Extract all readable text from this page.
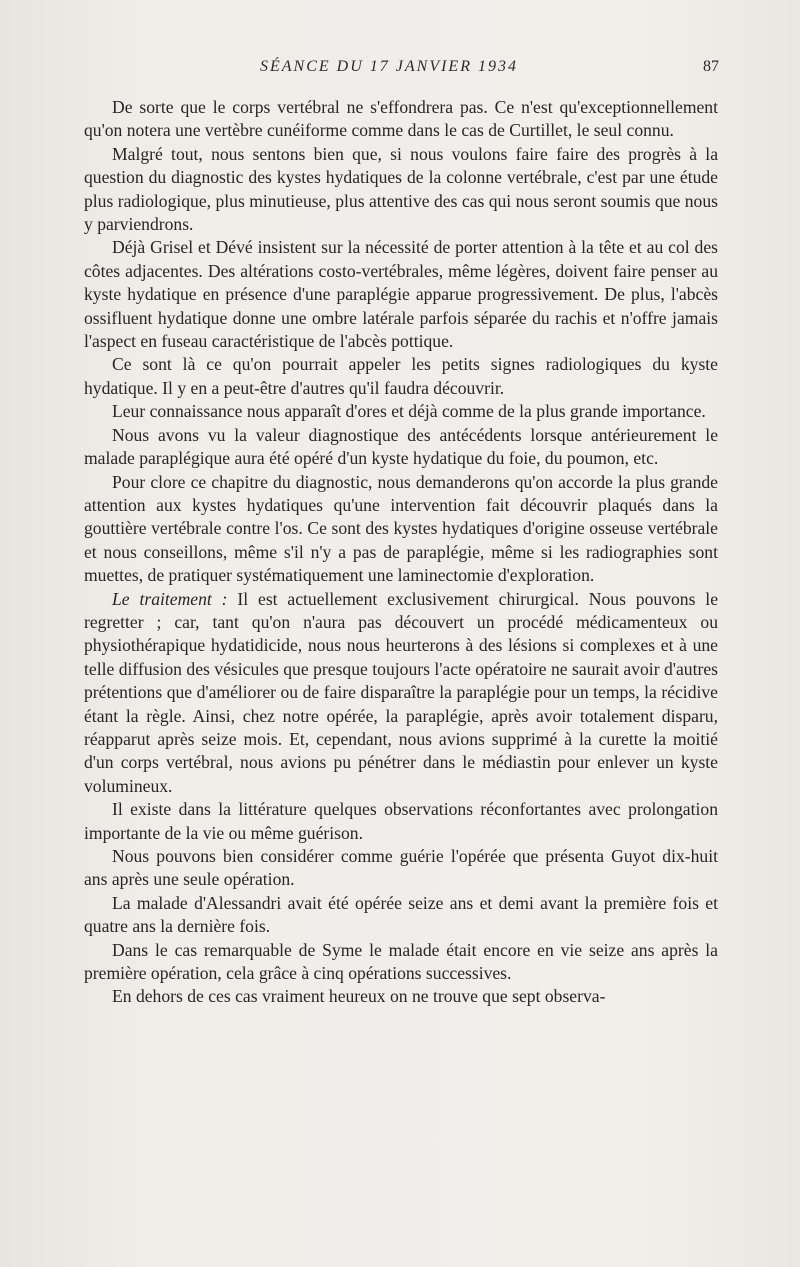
SÉANCE DU 17 JANVIER 1934	87

De sorte que le corps vertébral ne s'effondrera pas. Ce n'est qu'exceptionnellement qu'on notera une vertèbre cunéiforme comme dans le cas de Curtillet, le seul connu.

Malgré tout, nous sentons bien que, si nous voulons faire faire des progrès à la question du diagnostic des kystes hydatiques de la colonne vertébrale, c'est par une étude plus radiologique, plus minutieuse, plus attentive des cas qui nous seront soumis que nous y parviendrons.

Déjà Grisel et Dévé insistent sur la nécessité de porter attention à la tête et au col des côtes adjacentes. Des altérations costo-vertébrales, même légères, doivent faire penser au kyste hydatique en présence d'une paraplégie apparue progressivement. De plus, l'abcès ossifluent hydatique donne une ombre latérale parfois séparée du rachis et n'offre jamais l'aspect en fuseau caractéristique de l'abcès pottique.

Ce sont là ce qu'on pourrait appeler les petits signes radiologiques du kyste hydatique. Il y en a peut-être d'autres qu'il faudra découvrir.

Leur connaissance nous apparaît d'ores et déjà comme de la plus grande importance.

Nous avons vu la valeur diagnostique des antécédents lorsque antérieurement le malade paraplégique aura été opéré d'un kyste hydatique du foie, du poumon, etc.

Pour clore ce chapitre du diagnostic, nous demanderons qu'on accorde la plus grande attention aux kystes hydatiques qu'une intervention fait découvrir plaqués dans la gouttière vertébrale contre l'os. Ce sont des kystes hydatiques d'origine osseuse vertébrale et nous conseillons, même s'il n'y a pas de paraplégie, même si les radiographies sont muettes, de pratiquer systématiquement une laminectomie d'exploration.

Le traitement : Il est actuellement exclusivement chirurgical. Nous pouvons le regretter ; car, tant qu'on n'aura pas découvert un procédé médicamenteux ou physiothérapique hydatidicide, nous nous heurterons à des lésions si complexes et à une telle diffusion des vésicules que presque toujours l'acte opératoire ne saurait avoir d'autres prétentions que d'améliorer ou de faire disparaître la paraplégie pour un temps, la récidive étant la règle. Ainsi, chez notre opérée, la paraplégie, après avoir totalement disparu, réapparut après seize mois. Et, cependant, nous avions supprimé à la curette la moitié d'un corps vertébral, nous avions pu pénétrer dans le médiastin pour enlever un kyste volumineux.

Il existe dans la littérature quelques observations réconfortantes avec prolongation importante de la vie ou même guérison.

Nous pouvons bien considérer comme guérie l'opérée que présenta Guyot dix-huit ans après une seule opération.

La malade d'Alessandri avait été opérée seize ans et demi avant la première fois et quatre ans la dernière fois.

Dans le cas remarquable de Syme le malade était encore en vie seize ans après la première opération, cela grâce à cinq opérations successives.

En dehors de ces cas vraiment heureux on ne trouve que sept observa-
